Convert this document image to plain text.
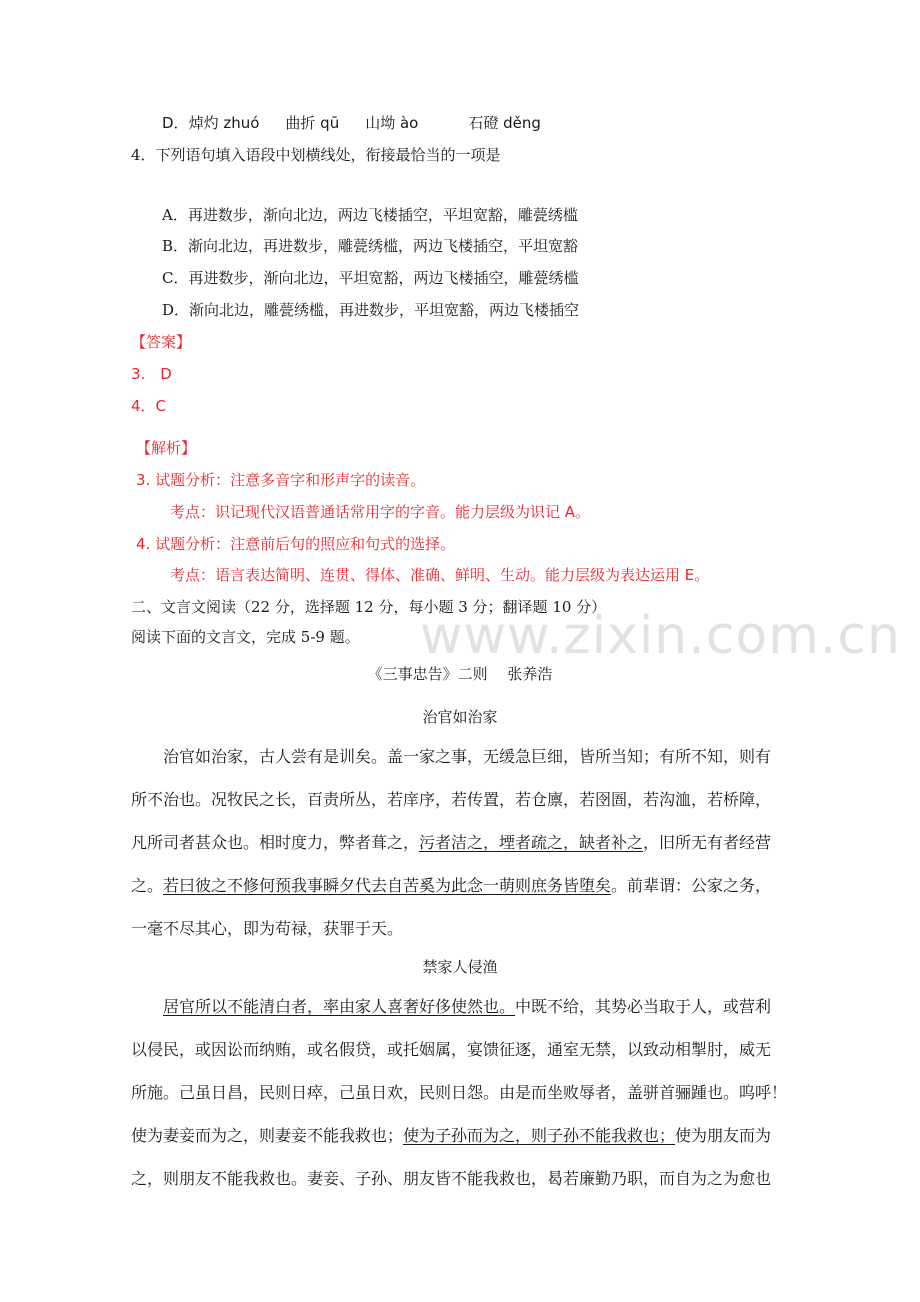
www.zixin.com.cn
D．焯灼 zhuó 曲折 qū 山坳 ào	石磴 děng
4．下列语句填入语段中划横线处，衔接最恰当的一项是
A．再进数步，渐向北边，两边飞楼插空，平坦宽豁，雕甍绣槛
B．渐向北边，再进数步，雕甍绣槛，两边飞楼插空，平坦宽豁
C．再进数步，渐向北边，平坦宽豁，两边飞楼插空，雕甍绣槛
D．渐向北边，雕甍绣槛，再进数步，平坦宽豁，两边飞楼插空
【答案】
3.　D
4．C
【解析】
3. 试题分析：注意多音字和形声字的读音。
考点：识记现代汉语普通话常用字的字音。能力层级为识记 A。
4. 试题分析：注意前后句的照应和句式的选择。
考点：语言表达简明、连贯、得体、准确、鲜明、生动。能力层级为表达运用 E。
二、文言文阅读（22 分，选择题 12 分，每小题 3 分；翻译题 10 分）
阅读下面的文言文，完成 5-9 题。
《三事忠告》二则　 张养浩
治官如治家
　　治官如治家，古人尝有是训矣。盖一家之事，无缓急巨细，皆所当知；有所不知，则有
所不治也。况牧民之长，百责所丛，若庠序，若传置，若仓廪，若囹圄，若沟洫，若桥障，
凡所司者甚众也。相时度力，弊者葺之，污者洁之，堙者疏之，缺者补之，旧所无有者经营
之。若曰彼之不修何预我事瞬夕代去自苦奚为此念一萌则庶务皆堕矣。前辈谓：公家之务，
一毫不尽其心，即为苟禄，获罪于天。
禁家人侵渔
　　居官所以不能清白者，率由家人喜奢好侈使然也。中既不给，其势必当取于人，或营利
以侵民，或因讼而纳贿，或名假贷，或托姻属，宴馈征逐，通室无禁，以致动相掣肘，威无
所施。己虽日昌，民则日瘁，己虽日欢，民则日怨。由是而坐败辱者，盖骈首骊踵也。呜呼！
使为妻妾而为之，则妻妾不能我救也；使为子孙而为之，则子孙不能我救也；使为朋友而为
之，则朋友不能我救也。妻妾、子孙、朋友皆不能我救也，曷若廉勤乃职，而自为之为愈也
